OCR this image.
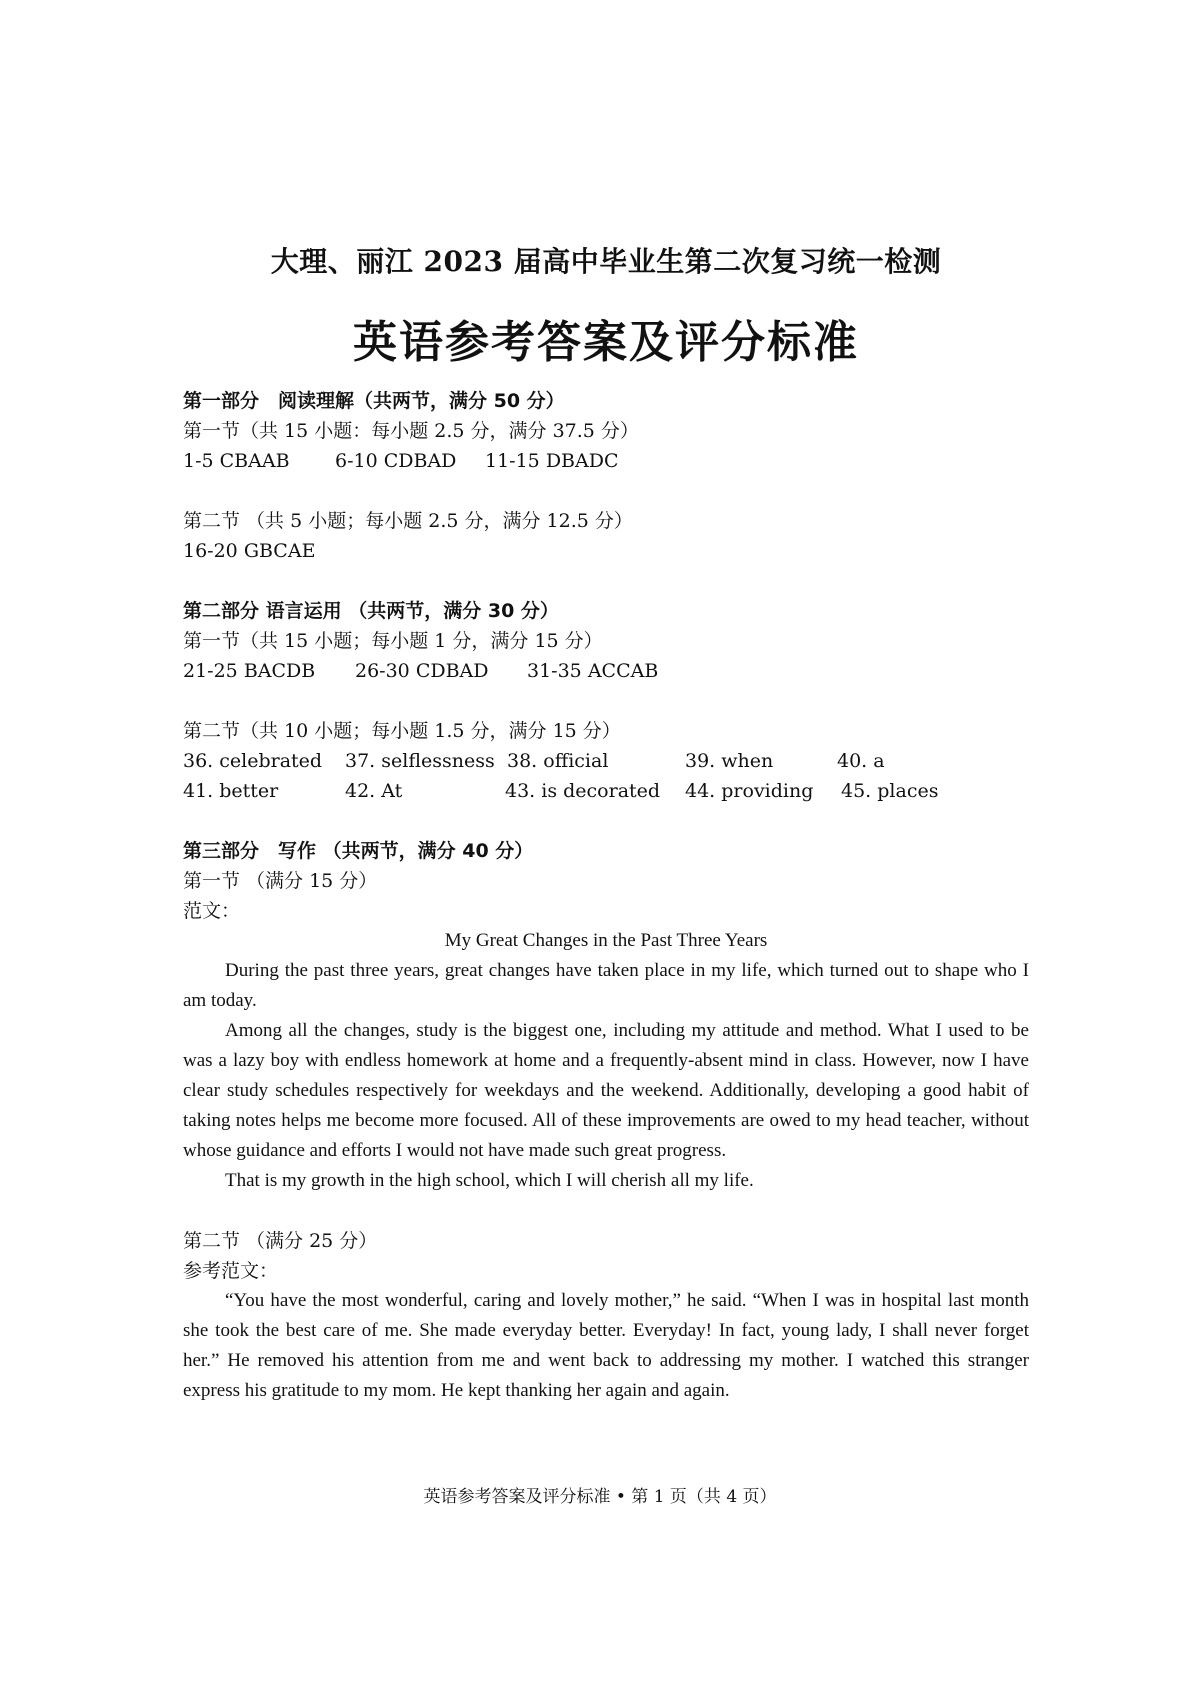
大理、丽江 2023 届高中毕业生第二次复习统一检测
英语参考答案及评分标准

第一部分　阅读理解（共两节，满分 50 分）

第一节（共 15 小题：每小题 2.5 分，满分 37.5 分）

1-5 CBAAB	6-10 CDBAD	11-15 DBADC

第二节 （共 5 小题；每小题 2.5 分，满分 12.5 分）

16-20 GBCAE

第二部分 语言运用 （共两节，满分 30 分）

第一节（共 15 小题；每小题 1 分，满分 15 分）

21-25 BACDB	26-30 CDBAD	31-35 ACCAB

第二节（共 10 小题；每小题 1.5 分，满分 15 分）

36. celebrated	37. selflessness 38. official	39. when	40. a
41. better	42. At	43. is decorated	44. providing	45. places

第三部分　写作 （共两节，满分 40 分）

第一节 （满分 15 分）

范文：

My Great Changes in the Past Three Years

During the past three years, great changes have taken place in my life, which turned out to shape who I am today.

Among all the changes, study is the biggest one, including my attitude and method. What I used to be was a lazy boy with endless homework at home and a frequently-absent mind in class. However, now I have clear study schedules respectively for weekdays and the weekend. Additionally, developing a good habit of taking notes helps me become more focused. All of these improvements are owed to my head teacher, without whose guidance and efforts I would not have made such great progress.

That is my growth in the high school, which I will cherish all my life.

第二节 （满分 25 分）

参考范文：

“You have the most wonderful, caring and lovely mother,” he said. “When I was in hospital last month she took the best care of me. She made everyday better. Everyday! In fact, young lady, I shall never forget her.” He removed his attention from me and went back to addressing my mother. I watched this stranger express his gratitude to my mom. He kept thanking her again and again.

英语参考答案及评分标准 • 第 1 页（共 4 页）
